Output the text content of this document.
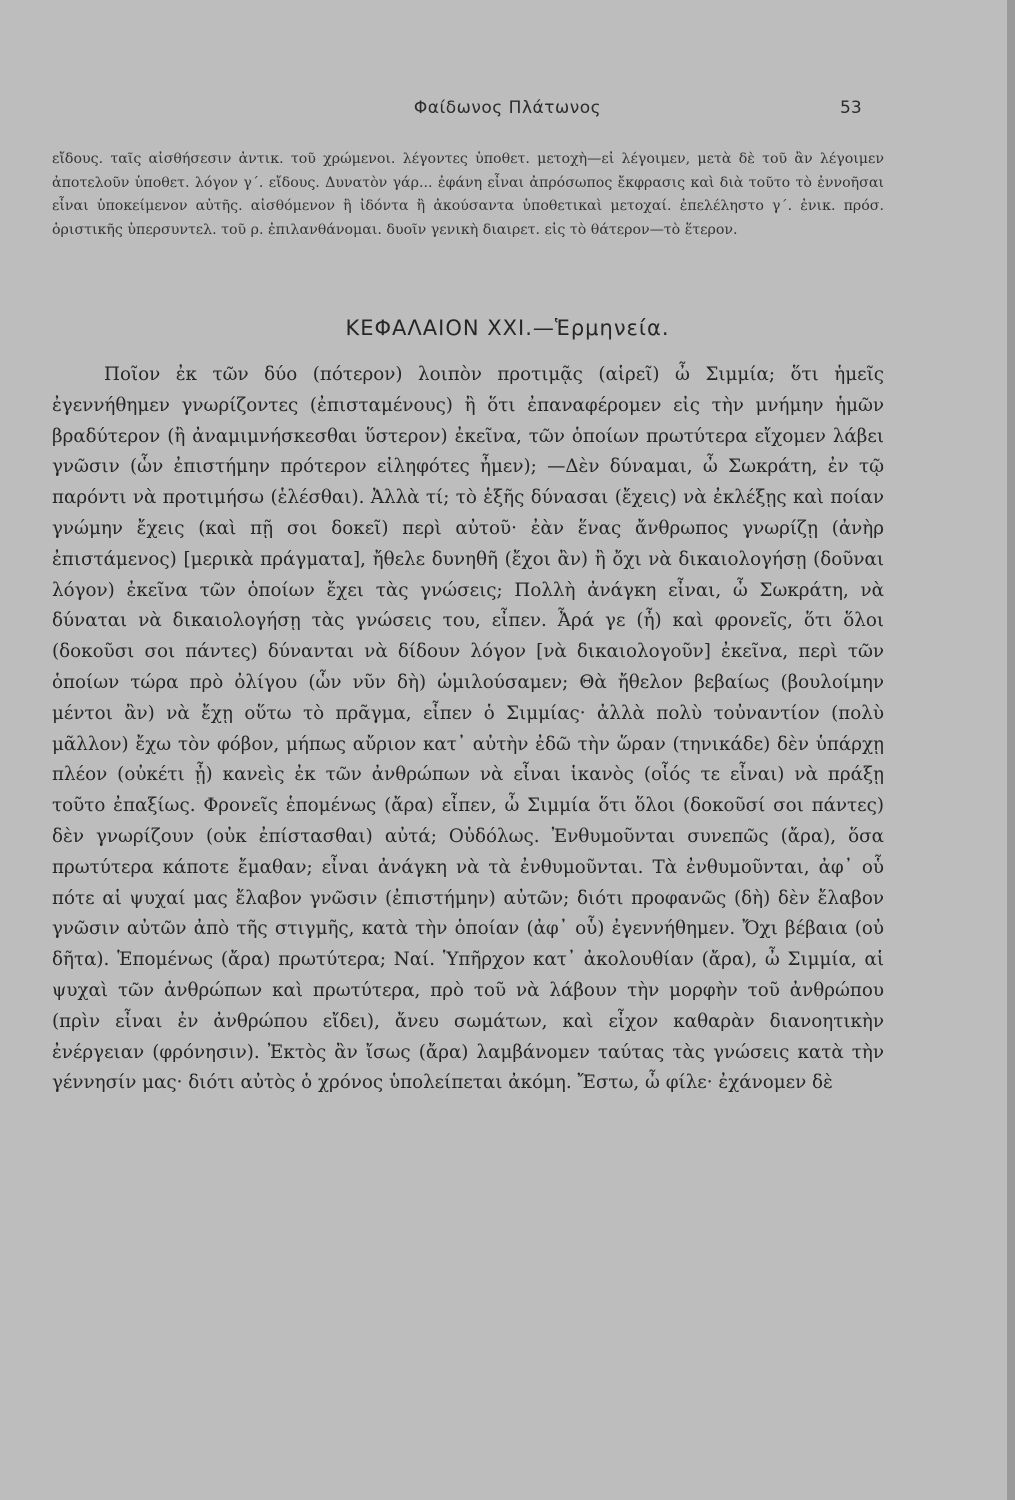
Φαίδωνος Πλάτωνος	53
εἴδους. ταῖς αἰσθήσεσιν ἀντικ. τοῦ χρώμενοι. λέγοντες ὑποθετ. μετοχὴ—εἰ λέγοιμεν, μετὰ δὲ τοῦ ἂν λέγοιμεν ἀποτελοῦν ὑποθετ. λόγον γ΄. εἴδους. Δυνατὸν γάρ... ἐφάνη εἶναι ἀπρόσωπος ἔκφρασις καὶ διὰ τοῦτο τὸ ἐννοῆσαι εἶναι ὑποκείμενον αὐτῆς. αἰσθόμενον ἢ ἰδόντα ἢ ἀκούσαντα ὑποθετικαὶ μετοχαί. ἐπελέληστο γ΄. ἐνικ. πρόσ. ὁριστικῆς ὑπερσυντελ. τοῦ ρ. ἐπιλανθάνομαι. δυοῖν γενικὴ διαιρετ. εἰς τὸ θάτερον—τὸ ἕτερον.
ΚΕΦΑΛΑΙΟΝ XXI.—Ἑρμηνεία.
Ποῖον ἐκ τῶν δύο (πότερον) λοιπὸν προτιμᾷς (αἱρεῖ) ὦ Σιμμία; ὅτι ἡμεῖς ἐγεννήθημεν γνωρίζοντες (ἐπισταμένους) ἢ ὅτι ἐπαναφέρομεν εἰς τὴν μνήμην ἡμῶν βραδύτερον (ἢ ἀναμιμνήσκεσθαι ὕστερον) ἐκεῖνα, τῶν ὁποίων πρωτύτερα εἴχομεν λάβει γνῶσιν (ὧν ἐπιστήμην πρότερον εἰληφότες ἦμεν); —Δὲν δύναμαι, ὦ Σωκράτη, ἐν τῷ παρόντι νὰ προτιμήσω (ἑλέσθαι). Ἀλλὰ τί; τὸ ἑξῆς δύνασαι (ἔχεις) νὰ ἐκλέξῃς καὶ ποίαν γνώμην ἔχεις (καὶ πῇ σοι δοκεῖ) περὶ αὐτοῦ· ἐὰν ἕνας ἄνθρωπος γνωρίζῃ (ἀνὴρ ἐπιστάμενος) [μερικὰ πράγματα], ἤθελε δυνηθῆ (ἔχοι ἂν) ἢ ὄχι νὰ δικαιολογήσῃ (δοῦναι λόγον) ἐκεῖνα τῶν ὁποίων ἔχει τὰς γνώσεις; Πολλὴ ἀνάγκη εἶναι, ὦ Σωκράτη, νὰ δύναται νὰ δικαιολογήσῃ τὰς γνώσεις του, εἶπεν. Ἆρά γε (ἦ) καὶ φρονεῖς, ὅτι ὅλοι (δοκοῦσι σοι πάντες) δύνανται νὰ δίδουν λόγον [νὰ δικαιολογοῦν] ἐκεῖνα, περὶ τῶν ὁποίων τώρα πρὸ ὀλίγου (ὧν νῦν δὴ) ὡμιλούσαμεν; Θὰ ἤθελον βεβαίως (βουλοίμην μέντοι ἂν) νὰ ἔχῃ οὕτω τὸ πρᾶγμα, εἶπεν ὁ Σιμμίας· ἀλλὰ πολὺ τοὐναντίον (πολὺ μᾶλλον) ἔχω τὸν φόβον, μήπως αὔριον κατ᾽ αὐτὴν ἐδῶ τὴν ὥραν (τηνικάδε) δὲν ὑπάρχῃ πλέον (οὐκέτι ᾖ) κανεὶς ἐκ τῶν ἀνθρώπων νὰ εἶναι ἱκανὸς (οἷός τε εἶναι) νὰ πράξῃ τοῦτο ἐπαξίως. Φρονεῖς ἑπομένως (ἄρα) εἶπεν, ὦ Σιμμία ὅτι ὅλοι (δοκοῦσί σοι πάντες) δὲν γνωρίζουν (οὐκ ἐπίστασθαι) αὐτά; Οὐδόλως. Ἐνθυμοῦνται συνεπῶς (ἄρα), ὅσα πρωτύτερα κάποτε ἔμαθαν; εἶναι ἀνάγκη νὰ τὰ ἐνθυμοῦνται. Τὰ ἐνθυμοῦνται, ἀφ᾽ οὗ πότε αἱ ψυχαί μας ἔλαβον γνῶσιν (ἐπιστήμην) αὐτῶν; διότι προφανῶς (δὴ) δὲν ἔλαβον γνῶσιν αὐτῶν ἀπὸ τῆς στιγμῆς, κατὰ τὴν ὁποίαν (ἀφ᾽ οὗ) ἐγεννήθημεν. Ὄχι βέβαια (οὐ δῆτα). Ἑπομένως (ἄρα) πρωτύτερα; Ναί. Ὑπῆρχον κατ᾽ ἀκολουθίαν (ἄρα), ὦ Σιμμία, αἱ ψυχαὶ τῶν ἀνθρώπων καὶ πρωτύτερα, πρὸ τοῦ νὰ λάβουν τὴν μορφὴν τοῦ ἀνθρώπου (πρὶν εἶναι ἐν ἀνθρώπου εἴδει), ἄνευ σωμάτων, καὶ εἶχον καθαρὰν διανοητικὴν ἐνέργειαν (φρόνησιν). Ἐκτὸς ἂν ἴσως (ἄρα) λαμβάνομεν ταύτας τὰς γνώσεις κατὰ τὴν γέννησίν μας· διότι αὐτὸς ὁ χρόνος ὑπολείπεται ἀκόμη. Ἔστω, ὦ φίλε· ἐχάνομεν δὲ
